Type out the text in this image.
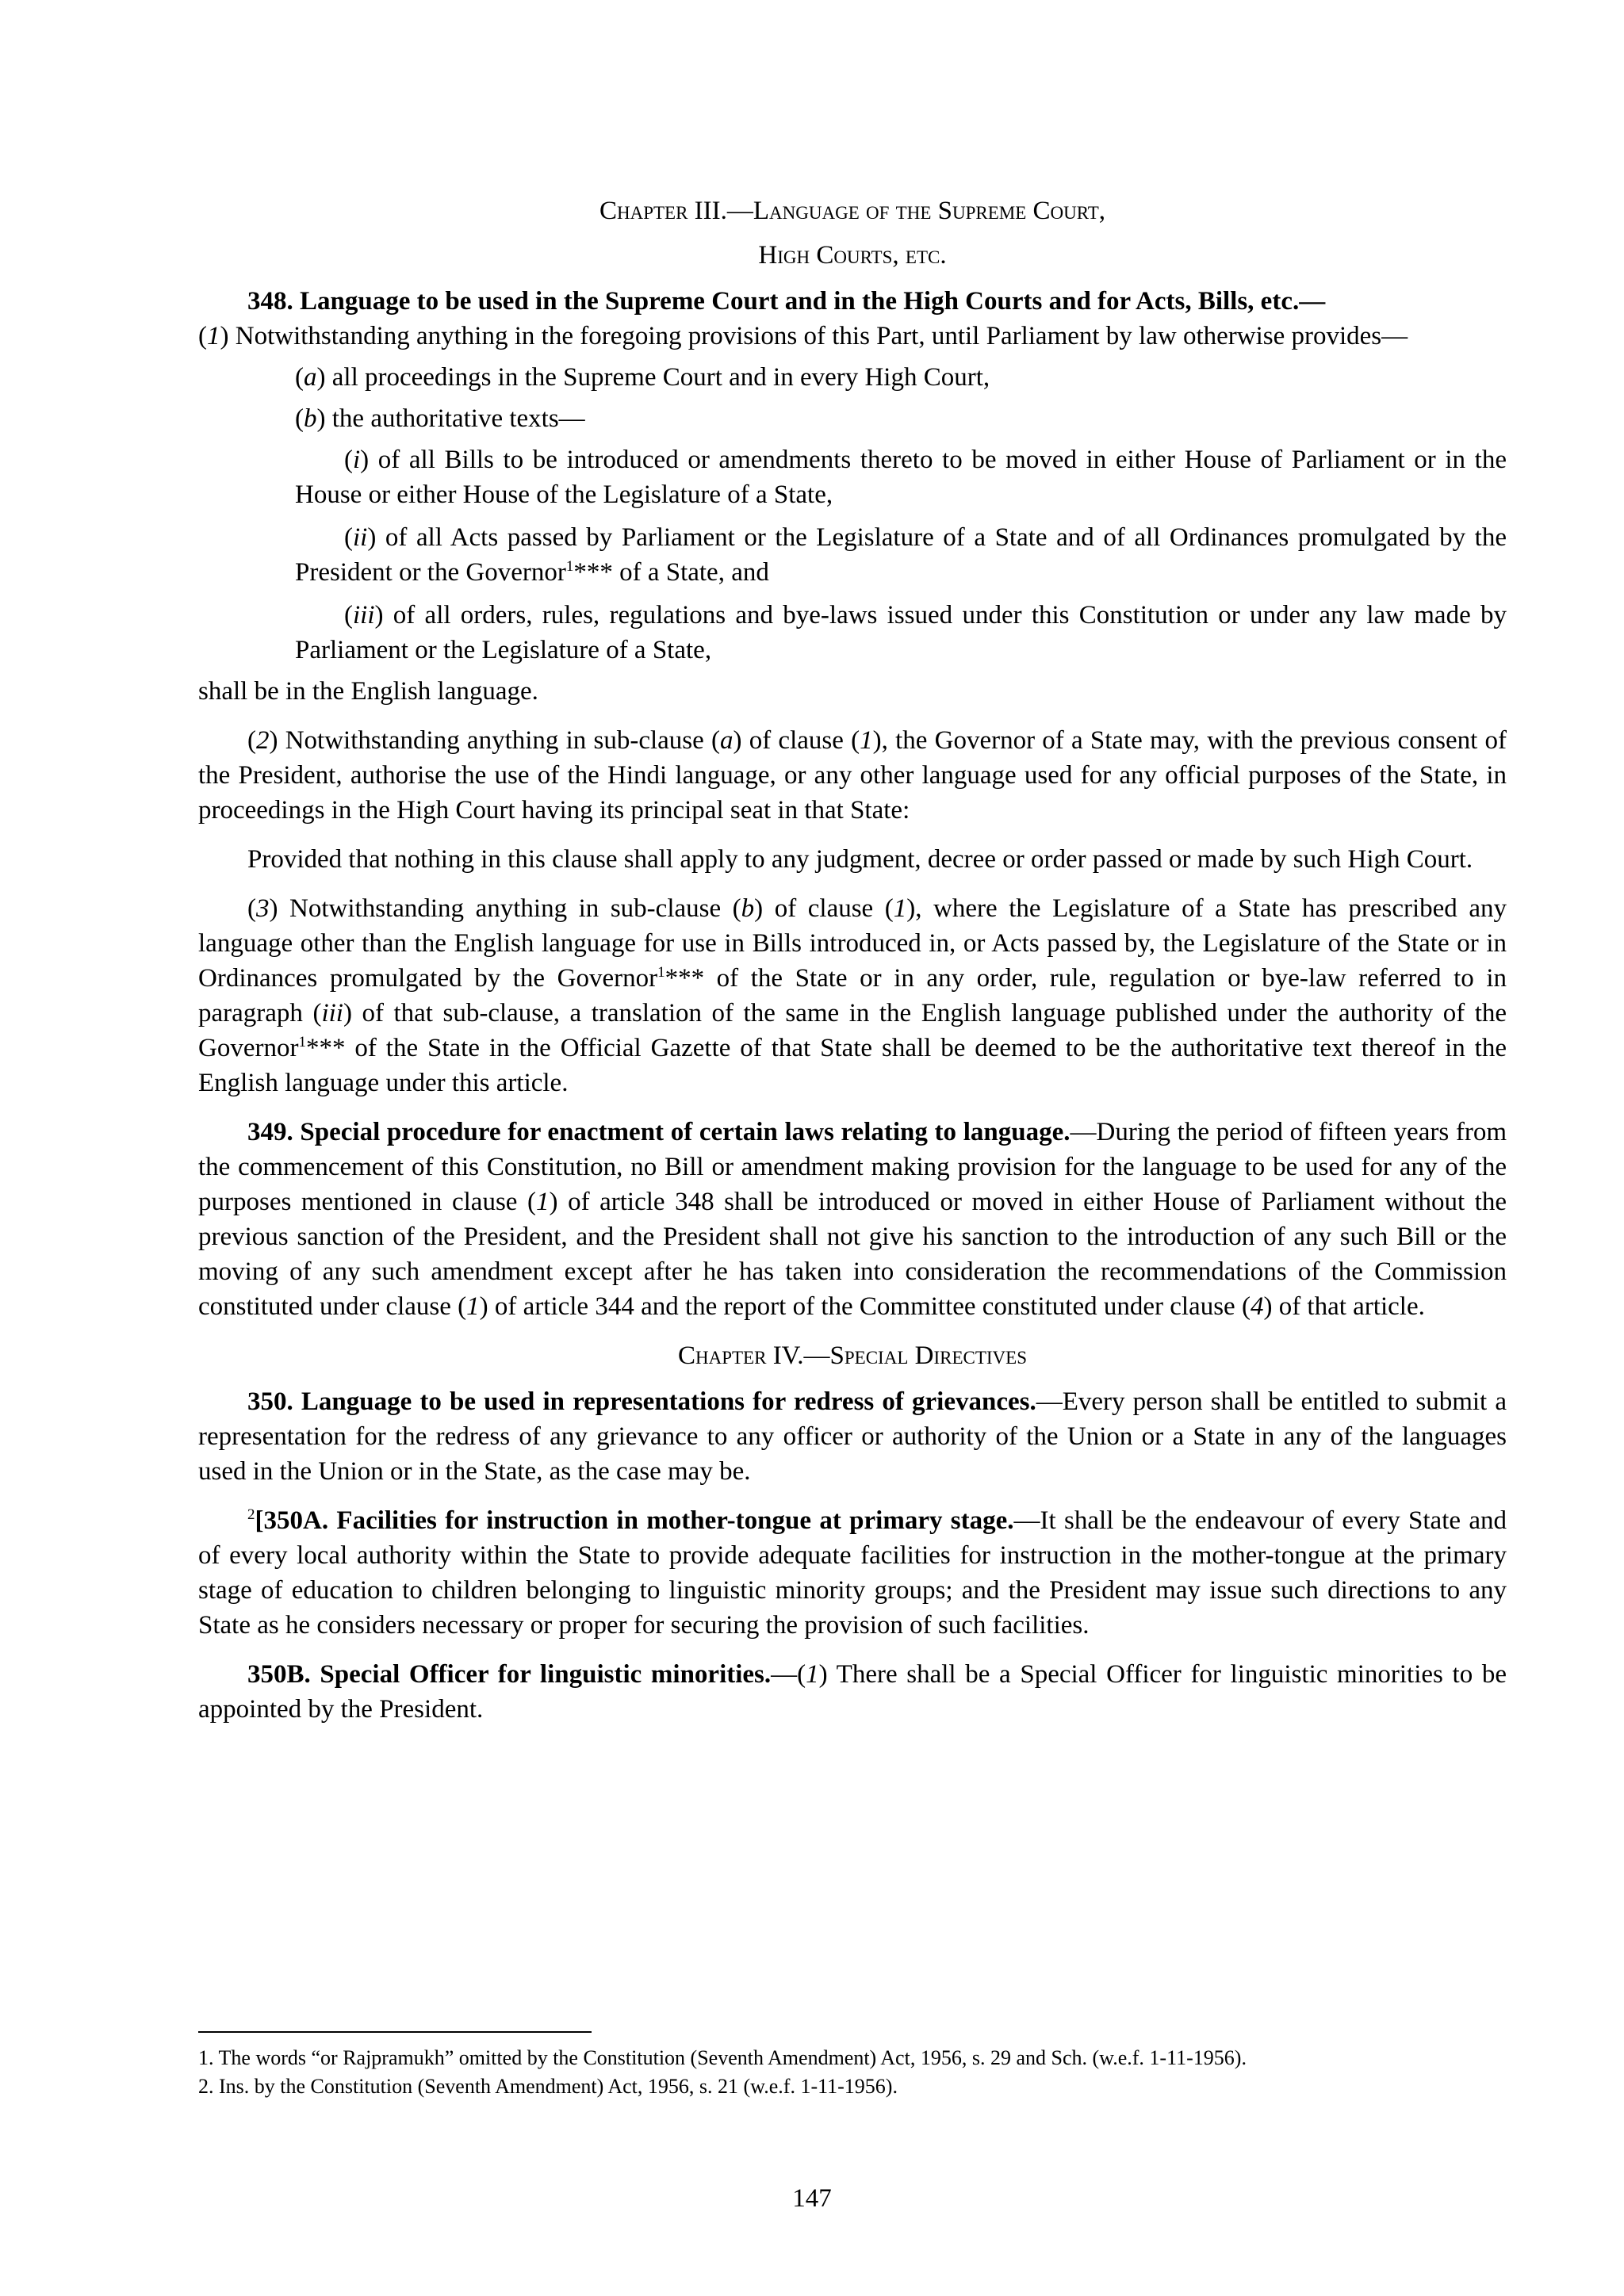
Chapter III.—Language of the Supreme Court,

High Courts, etc.

348. Language to be used in the Supreme Court and in the High Courts and for Acts, Bills, etc.—
(1) Notwithstanding anything in the foregoing provisions of this Part, until Parliament by law otherwise provides—

(a) all proceedings in the Supreme Court and in every High Court,

(b) the authoritative texts—

(i) of all Bills to be introduced or amendments thereto to be moved in either House of Parliament or in the House or either House of the Legislature of a State,

(ii) of all Acts passed by Parliament or the Legislature of a State and of all Ordinances promulgated by the President or the Governor$^1$*** of a State, and

(iii) of all orders, rules, regulations and bye-laws issued under this Constitution or under any law made by Parliament or the Legislature of a State,

shall be in the English language.

(2) Notwithstanding anything in sub-clause (a) of clause (1), the Governor of a State may, with the previous consent of the President, authorise the use of the Hindi language, or any other language used for any official purposes of the State, in proceedings in the High Court having its principal seat in that State:

Provided that nothing in this clause shall apply to any judgment, decree or order passed or made by such High Court.

(3) Notwithstanding anything in sub-clause (b) of clause (1), where the Legislature of a State has prescribed any language other than the English language for use in Bills introduced in, or Acts passed by, the Legislature of the State or in Ordinances promulgated by the Governor$^1$*** of the State or in any order, rule, regulation or bye-law referred to in paragraph (iii) of that sub-clause, a translation of the same in the English language published under the authority of the Governor$^1$*** of the State in the Official Gazette of that State shall be deemed to be the authoritative text thereof in the English language under this article.

349. Special procedure for enactment of certain laws relating to language.—During the period of fifteen years from the commencement of this Constitution, no Bill or amendment making provision for the language to be used for any of the purposes mentioned in clause (1) of article 348 shall be introduced or moved in either House of Parliament without the previous sanction of the President, and the President shall not give his sanction to the introduction of any such Bill or the moving of any such amendment except after he has taken into consideration the recommendations of the Commission constituted under clause (1) of article 344 and the report of the Committee constituted under clause (4) of that article.

Chapter IV.—Special Directives

350. Language to be used in representations for redress of grievances.—Every person shall be entitled to submit a representation for the redress of any grievance to any officer or authority of the Union or a State in any of the languages used in the Union or in the State, as the case may be.

$^2$[350A. Facilities for instruction in mother-tongue at primary stage.—It shall be the endeavour of every State and of every local authority within the State to provide adequate facilities for instruction in the mother-tongue at the primary stage of education to children belonging to linguistic minority groups; and the President may issue such directions to any State as he considers necessary or proper for securing the provision of such facilities.

350B. Special Officer for linguistic minorities.—(1) There shall be a Special Officer for linguistic minorities to be appointed by the President.

1. The words “or Rajpramukh” omitted by the Constitution (Seventh Amendment) Act, 1956, s. 29 and Sch. (w.e.f. 1-11-1956).

2. Ins. by the Constitution (Seventh Amendment) Act, 1956, s. 21 (w.e.f. 1-11-1956).

147
